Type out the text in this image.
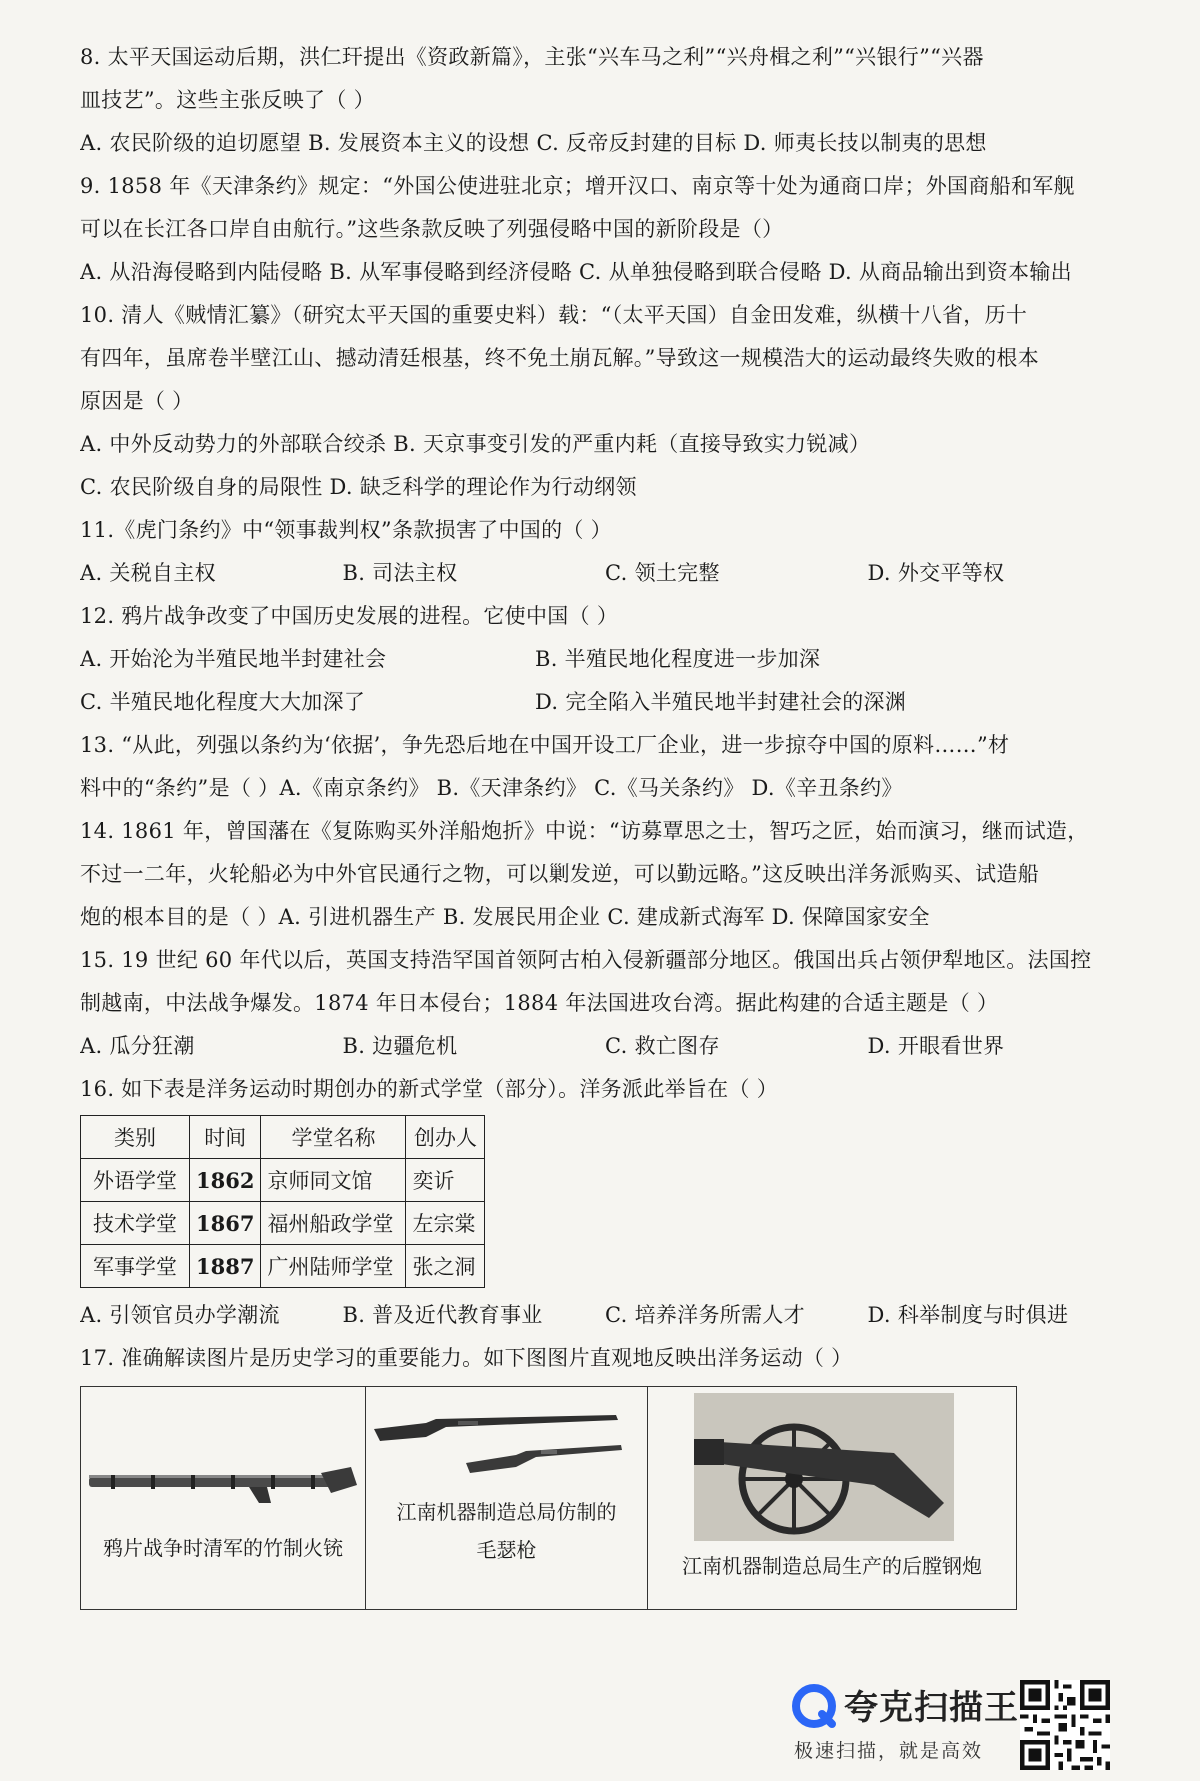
8. 太平天国运动后期，洪仁玕提出《资政新篇》，主张“兴车马之利”“兴舟楫之利”“兴银行”“兴器
皿技艺”。这些主张反映了（ ）
A. 农民阶级的迫切愿望 B. 发展资本主义的设想 C. 反帝反封建的目标 D. 师夷长技以制夷的思想
9. 1858 年《天津条约》规定：“外国公使进驻北京；增开汉口、南京等十处为通商口岸；外国商船和军舰
可以在长江各口岸自由航行。”这些条款反映了列强侵略中国的新阶段是（）
A. 从沿海侵略到内陆侵略 B. 从军事侵略到经济侵略 C. 从单独侵略到联合侵略 D. 从商品输出到资本输出
10. 清人《贼情汇纂》（研究太平天国的重要史料）载：“（太平天国）自金田发难，纵横十八省，历十
有四年，虽席卷半壁江山、撼动清廷根基，终不免土崩瓦解。”导致这一规模浩大的运动最终失败的根本
原因是（ ）
A. 中外反动势力的外部联合绞杀 B. 天京事变引发的严重内耗（直接导致实力锐减）
C. 农民阶级自身的局限性 D. 缺乏科学的理论作为行动纲领
11.《虎门条约》中“领事裁判权”条款损害了中国的（ ）
A. 关税自主权	B. 司法主权	C. 领土完整	D. 外交平等权
12. 鸦片战争改变了中国历史发展的进程。它使中国（ ）
A. 开始沦为半殖民地半封建社会	B. 半殖民地化程度进一步加深
C. 半殖民地化程度大大加深了	D. 完全陷入半殖民地半封建社会的深渊
13. “从此，列强以条约为‘依据’，争先恐后地在中国开设工厂企业，进一步掠夺中国的原料……”材
料中的“条约”是（ ）A.《南京条约》 B.《天津条约》 C.《马关条约》 D.《辛丑条约》
14. 1861 年，曾国藩在《复陈购买外洋船炮折》中说：“访募覃思之士，智巧之匠，始而演习，继而试造，
不过一二年，火轮船必为中外官民通行之物，可以剿发逆，可以勤远略。”这反映出洋务派购买、试造船
炮的根本目的是（ ）A. 引进机器生产 B. 发展民用企业 C. 建成新式海军 D. 保障国家安全
15. 19 世纪 60 年代以后，英国支持浩罕国首领阿古柏入侵新疆部分地区。俄国出兵占领伊犁地区。法国控
制越南，中法战争爆发。1874 年日本侵台；1884 年法国进攻台湾。据此构建的合适主题是（ ）
A. 瓜分狂潮	B. 边疆危机	C. 救亡图存	D. 开眼看世界
16. 如下表是洋务运动时期创办的新式学堂（部分）。洋务派此举旨在（ ）
类别	时间	学堂名称	创办人
外语学堂	1862	京师同文馆	奕䜣
技术学堂	1867	福州船政学堂	左宗棠
军事学堂	1887	广州陆师学堂	张之洞
A. 引领官员办学潮流	B. 普及近代教育事业	C. 培养洋务所需人才	D. 科举制度与时俱进
17. 准确解读图片是历史学习的重要能力。如下图图片直观地反映出洋务运动（ ）
鸦片战争时清军的竹制火铳
江南机器制造总局仿制的
毛瑟枪
江南机器制造总局生产的后膛钢炮
夸克扫描王
极速扫描，就是高效
